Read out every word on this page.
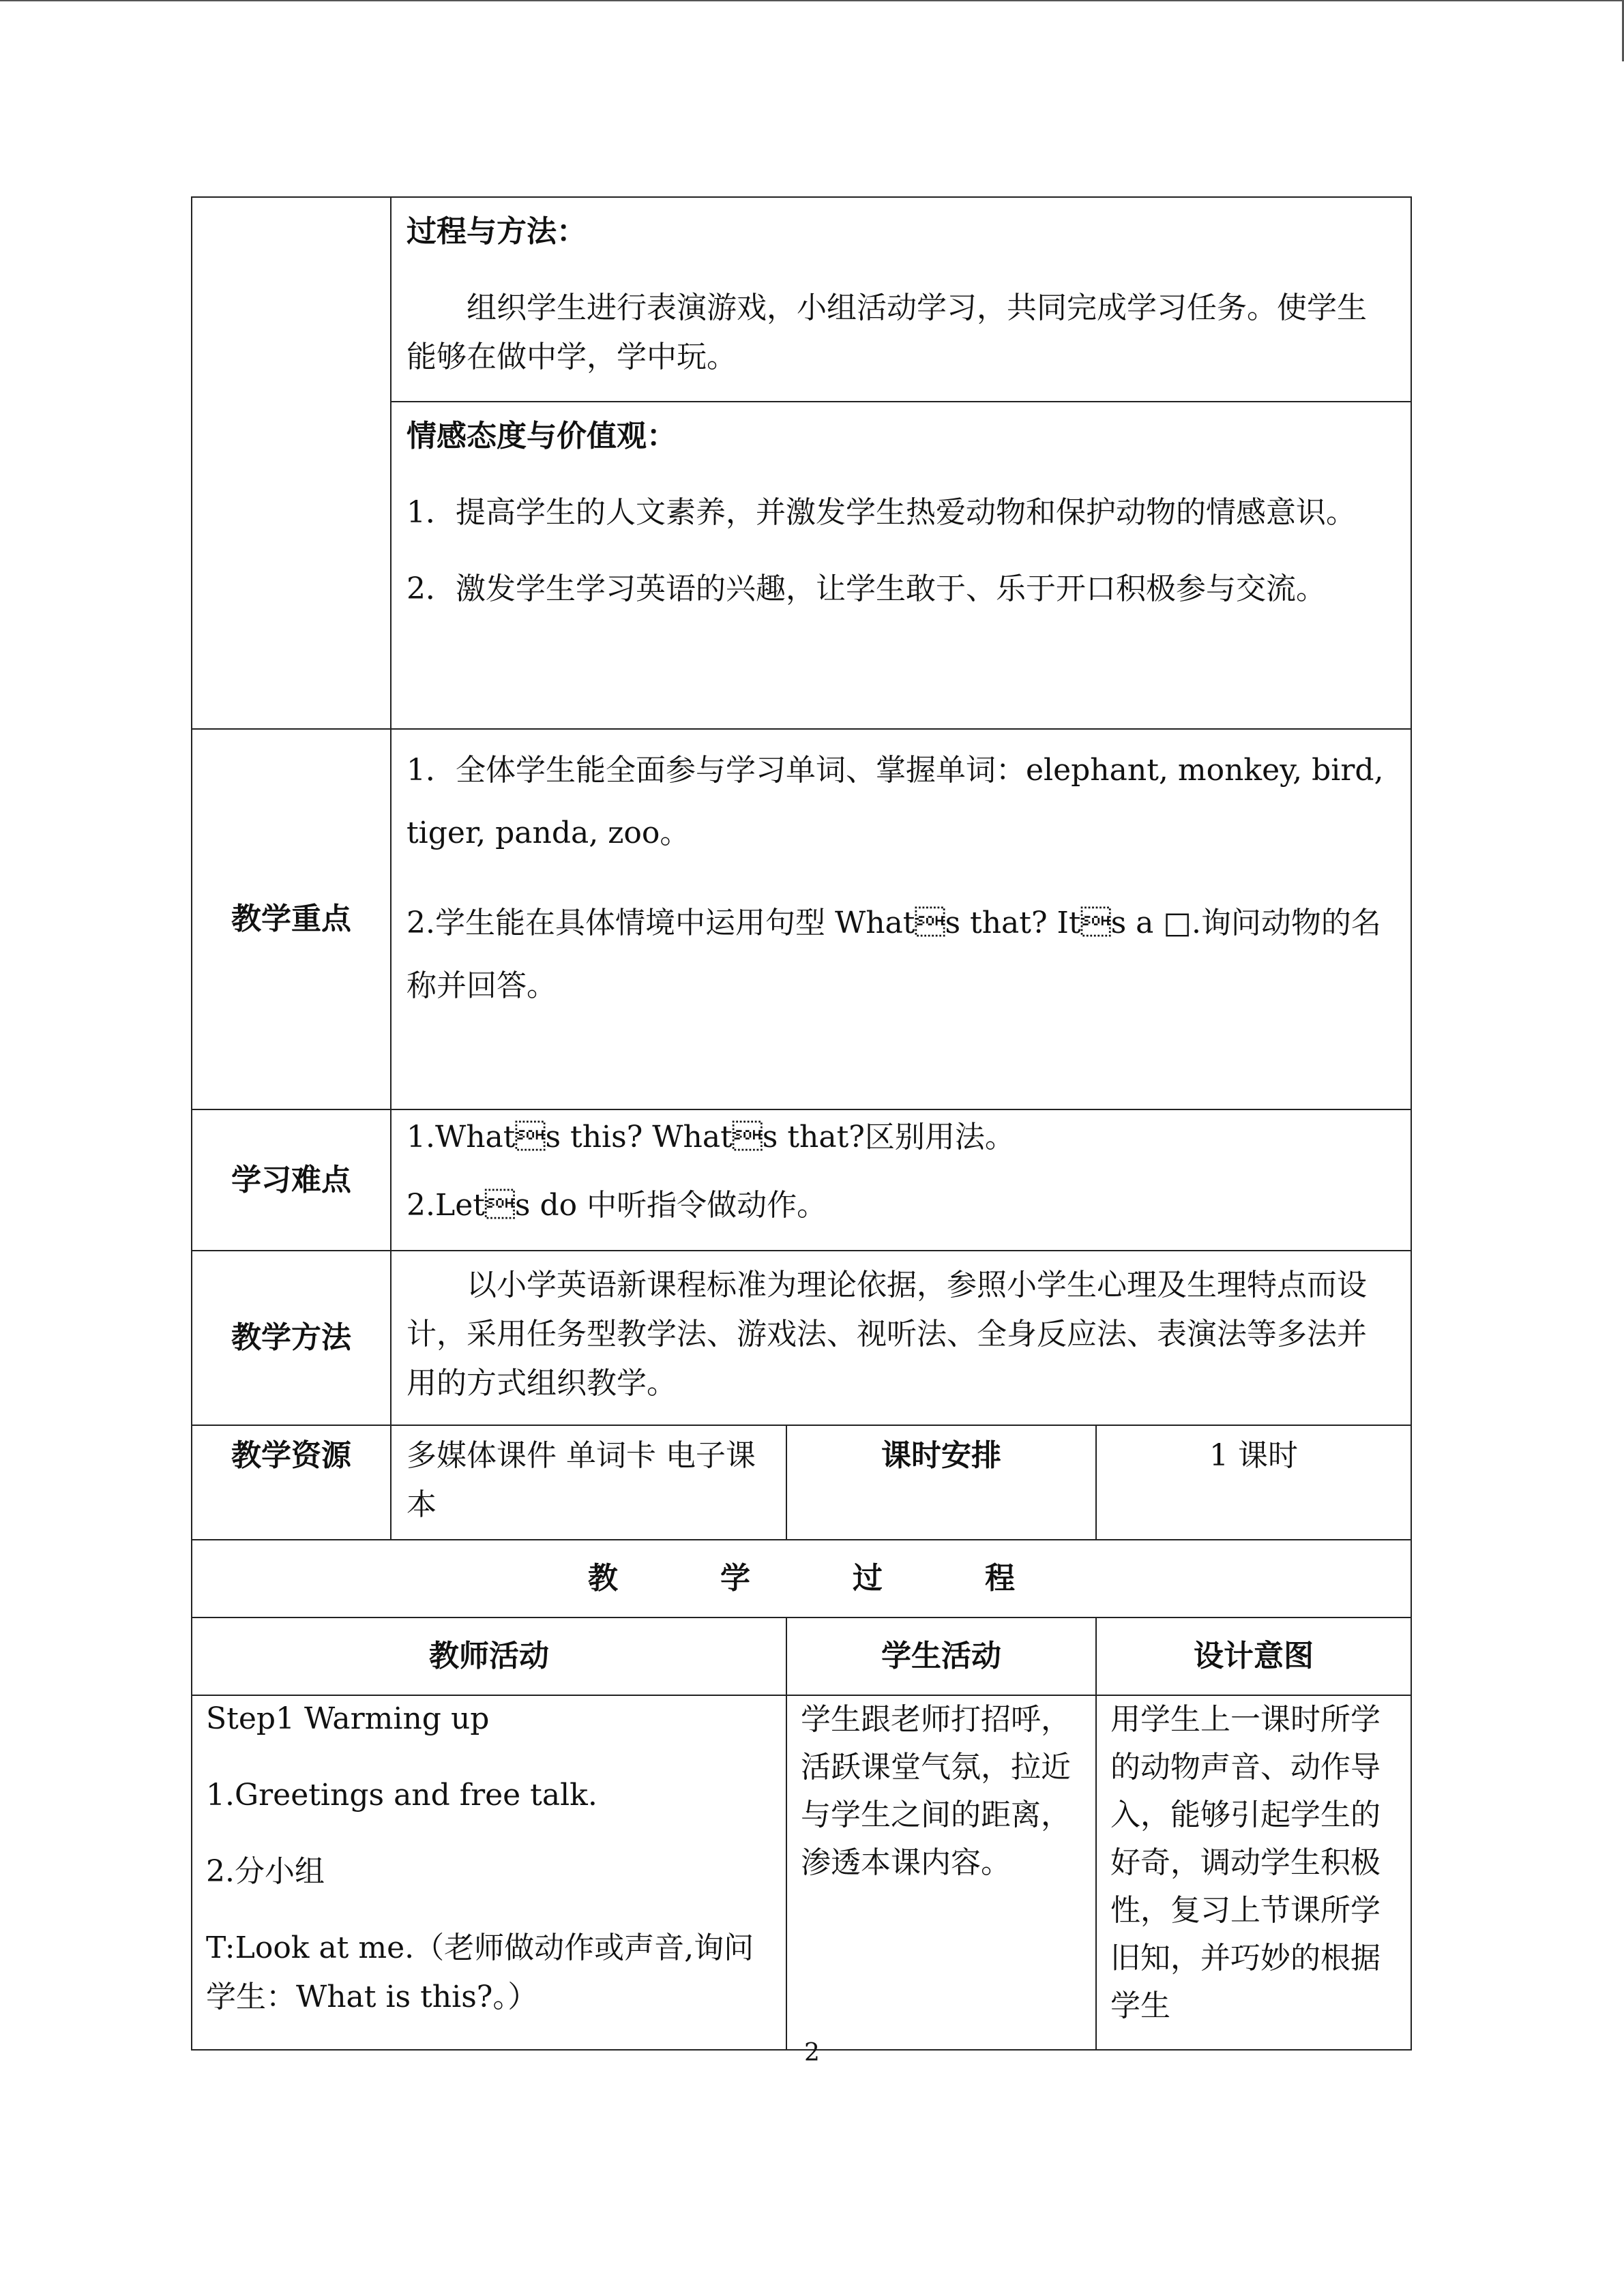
	过程与方法：

组织学生进行表演游戏，小组活动学习，共同完成学习任务。使学生能够在做中学，学中玩。		

	情感态度与价值观：

1．提高学生的人文素养，并激发学生热爱动物和保护动物的情感意识。

2．激发学生学习英语的兴趣，让学生敢于、乐于开口积极参与交流。		

教学重点	1．全体学生能全面参与学习单词、掌握单词：elephant, monkey, bird, tiger, panda, zoo。

2.学生能在具体情境中运用句型 Whats that? Its a □.询问动物的名称并回答。		

学习难点	1.Whats this? Whats that?区别用法。

2.Lets do 中听指令做动作。		

教学方法	以小学英语新课程标准为理论依据，参照小学生心理及生理特点而设计，采用任务型教学法、游戏法、视听法、全身反应法、表演法等多法并用的方式组织教学。		

教学资源	多媒体课件 单词卡 电子课本	课时安排	1 课时
教学过程			
教师活动		学生活动	设计意图

Step1 Warming up

1.Greetings and free talk.

2.分小组

T:Look at me.（老师做动作或声音,询问学生：What is this?。）		学生跟老师打招呼，活跃课堂气氛，拉近与学生之间的距离，渗透本课内容。	用学生上一课时所学的动物声音、动作导入，能够引起学生的好奇，调动学生积极性，复习上节课所学旧知，并巧妙的根据学生

2
